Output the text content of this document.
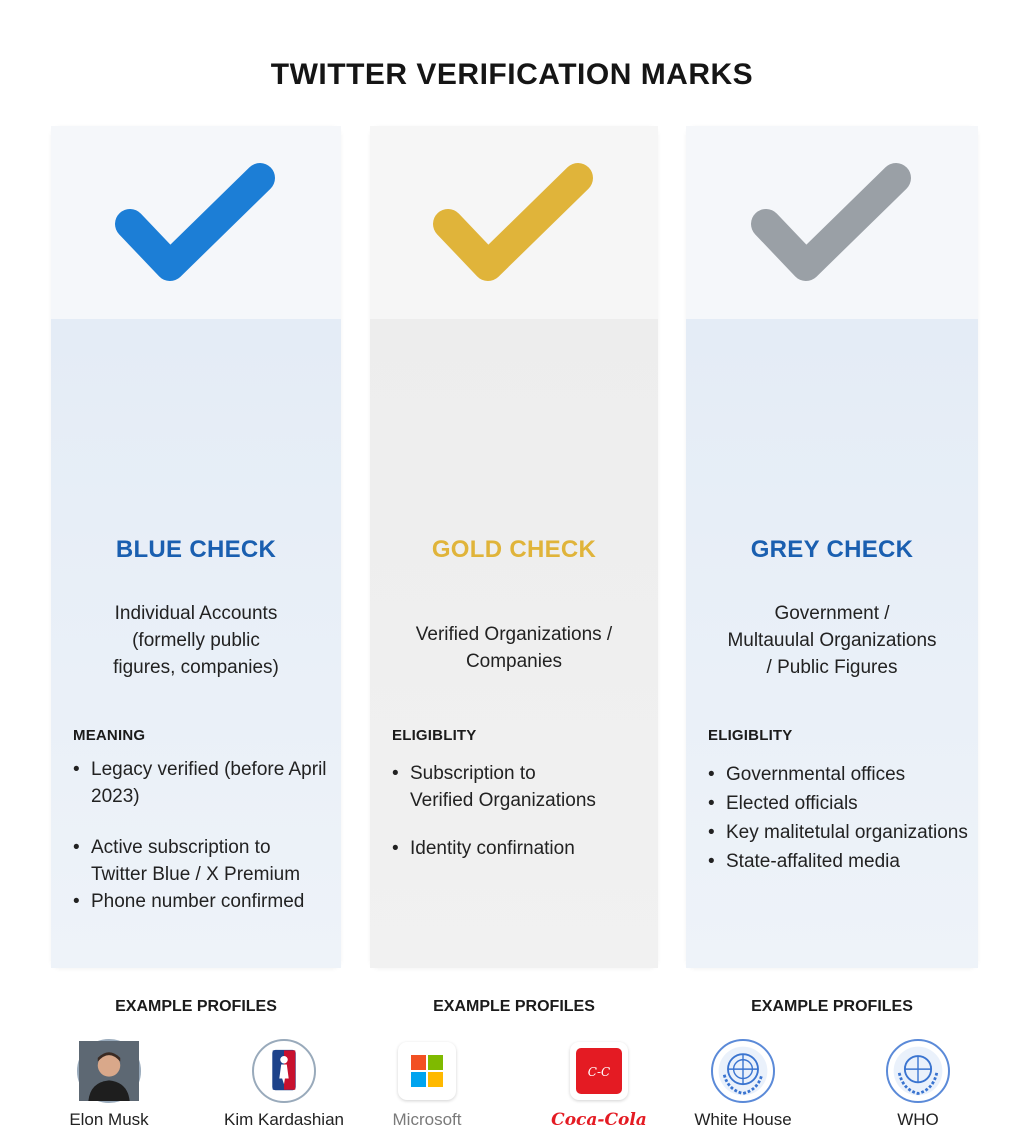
TWITTER VERIFICATION MARKS
BLUE CHECK
Individual Accounts
(formelly public
figures, companies)
MEANING
• Legacy verified (before April
2023)
• Active subscription to
Twitter Blue / X Premium
• Phone number confirmed
EXAMPLE PROFILES
Elon Musk	Kim Kardashian
GOLD CHECK
Verified Organizations /
Companies
ELIGIBLITY
• Subscription to
Verified Organizations
• Identity confirnation
EXAMPLE PROFILES
Microsoft
C-C
Coca-Cola
GREY CHECK
Government /
Multauulal Organizations
/ Public Figures
ELIGIBLITY
• Governmental offices
• Elected officials
• Key malitetulal organizations
• State-affalited media
EXAMPLE PROFILES
White House	WHO
